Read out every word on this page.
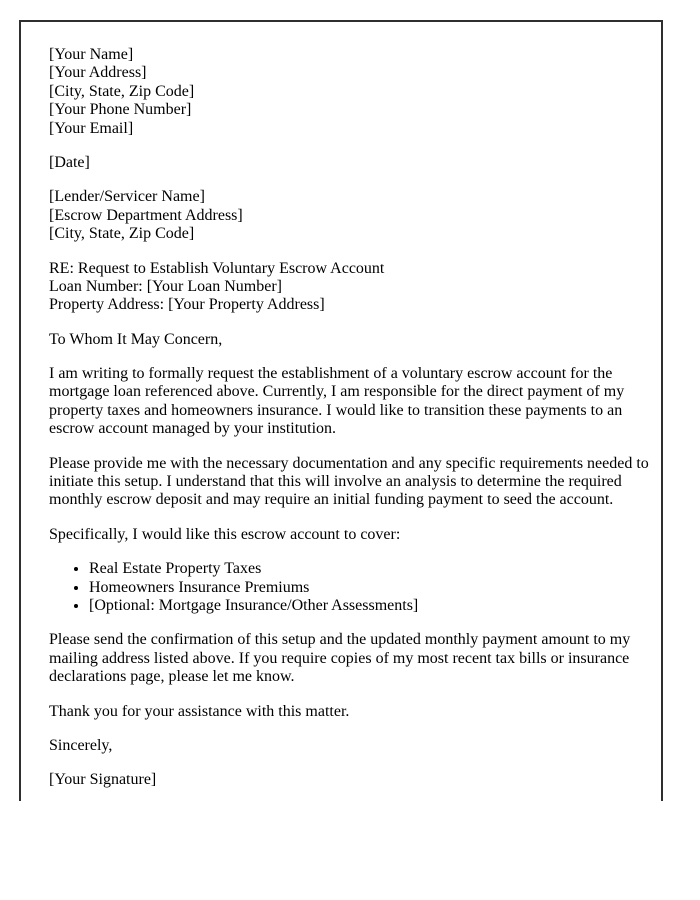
[Your Name]
[Your Address]
[City, State, Zip Code]
[Your Phone Number]
[Your Email]
[Date]
[Lender/Servicer Name]
[Escrow Department Address]
[City, State, Zip Code]
RE: Request to Establish Voluntary Escrow Account
Loan Number: [Your Loan Number]
Property Address: [Your Property Address]
To Whom It May Concern,
I am writing to formally request the establishment of a voluntary escrow account for the mortgage loan referenced above. Currently, I am responsible for the direct payment of my property taxes and homeowners insurance. I would like to transition these payments to an escrow account managed by your institution.
Please provide me with the necessary documentation and any specific requirements needed to initiate this setup. I understand that this will involve an analysis to determine the required monthly escrow deposit and may require an initial funding payment to seed the account.
Specifically, I would like this escrow account to cover:
• Real Estate Property Taxes
• Homeowners Insurance Premiums
• [Optional: Mortgage Insurance/Other Assessments]
Please send the confirmation of this setup and the updated monthly payment amount to my mailing address listed above. If you require copies of my most recent tax bills or insurance declarations page, please let me know.
Thank you for your assistance with this matter.
Sincerely,
[Your Signature]
